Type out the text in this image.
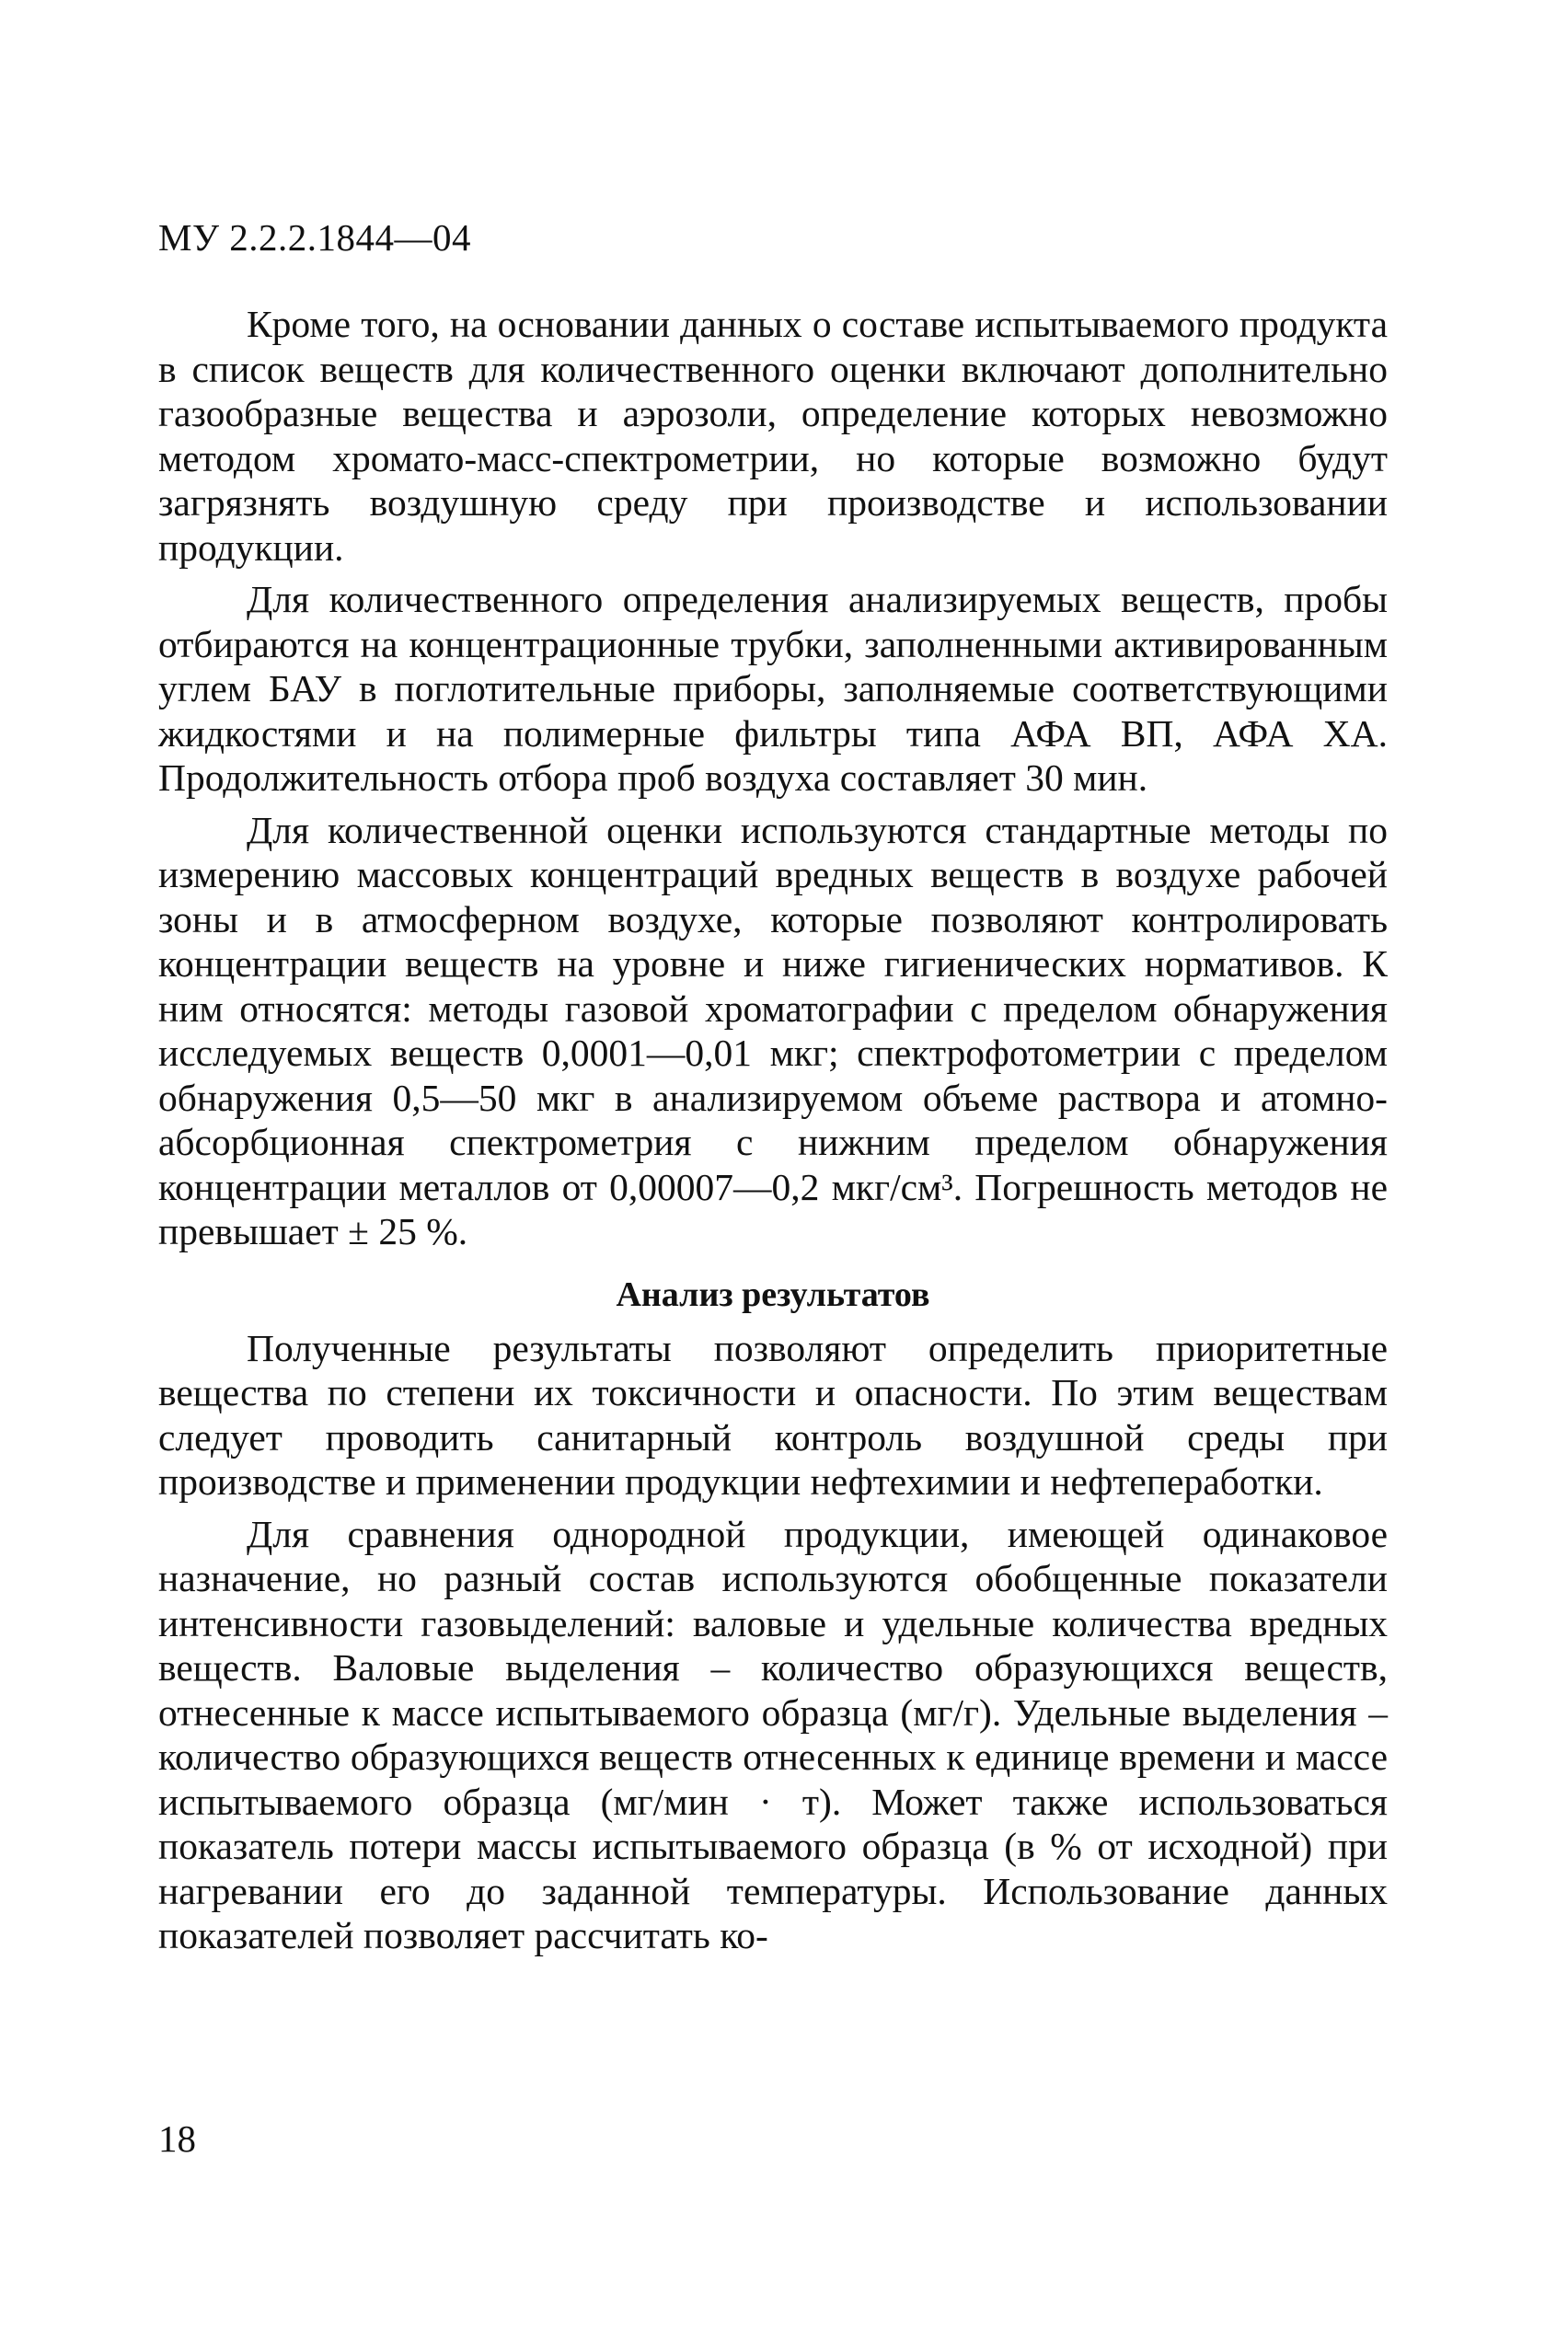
МУ 2.2.2.1844—04

Кроме того, на основании данных о составе испытываемого продукта в список веществ для количественного оценки включают дополнительно газообразные вещества и аэрозоли, определение которых невозможно методом хромато-масс-спектрометрии, но которые возможно будут загрязнять воздушную среду при производстве и использовании продукции.

Для количественного определения анализируемых веществ, пробы отбираются на концентрационные трубки, заполненными активированным углем БАУ в поглотительные приборы, заполняемые соответствующими жидкостями и на полимерные фильтры типа АФА ВП, АФА ХА. Продолжительность отбора проб воздуха составляет 30 мин.

Для количественной оценки используются стандартные методы по измерению массовых концентраций вредных веществ в воздухе рабочей зоны и в атмосферном воздухе, которые позволяют контролировать концентрации веществ на уровне и ниже гигиенических нормативов. К ним относятся: методы газовой хроматографии с пределом обнаружения исследуемых веществ 0,0001—0,01 мкг; спектрофотометрии с пределом обнаружения 0,5—50 мкг в анализируемом объеме раствора и атомно-абсорбционная спектрометрия с нижним пределом обнаружения концентрации металлов от 0,00007—0,2 мкг/см³. Погрешность методов не превышает ± 25 %.

Анализ результатов

Полученные результаты позволяют определить приоритетные вещества по степени их токсичности и опасности. По этим веществам следует проводить санитарный контроль воздушной среды при производстве и применении продукции нефтехимии и нефтепеработки.

Для сравнения однородной продукции, имеющей одинаковое назначение, но разный состав используются обобщенные показатели интенсивности газовыделений: валовые и удельные количества вредных веществ. Валовые выделения – количество образующихся веществ, отнесенные к массе испытываемого образца (мг/г). Удельные выделения – количество образующихся веществ отнесенных к единице времени и массе испытываемого образца (мг/мин · т). Может также использоваться показатель потери массы испытываемого образца (в % от исходной) при нагревании его до заданной температуры. Использование данных показателей позволяет рассчитать ко-

18
